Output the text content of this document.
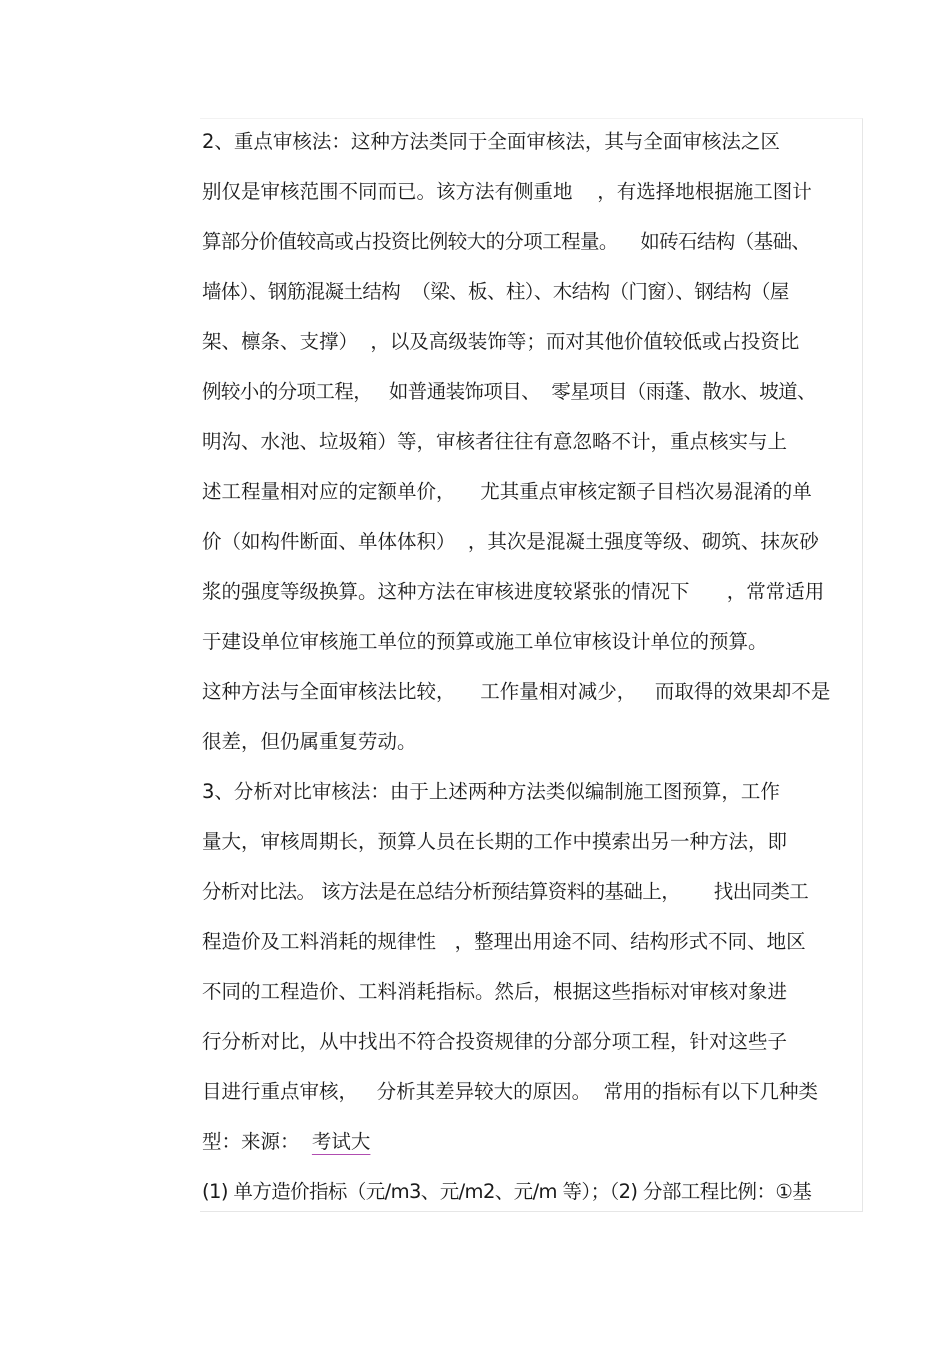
2、重点审核法：这种方法类同于全面审核法，其与全面审核法之区
别仅是审核范围不同而已。该方法有侧重地    ，有选择地根据施工图计
算部分价值较高或占投资比例较大的分项工程量。    如砖石结构（基础、
墙体）、钢筋混凝土结构  （梁、板、柱）、木结构（门窗）、钢结构（屋
架、檩条、支撑）  ，以及高级装饰等；而对其他价值较低或占投资比
例较小的分项工程，   如普通装饰项目、  零星项目（雨蓬、散水、坡道、
明沟、水池、垃圾箱）等，审核者往往有意忽略不计，重点核实与上
述工程量相对应的定额单价，    尤其重点审核定额子目档次易混淆的单
价（如构件断面、单体体积）  ，其次是混凝土强度等级、砌筑、抹灰砂
浆的强度等级换算。这种方法在审核进度较紧张的情况下      ，常常适用
于建设单位审核施工单位的预算或施工单位审核设计单位的预算。
这种方法与全面审核法比较，    工作量相对减少，   而取得的效果却不是
很差，但仍属重复劳动。
3、分析对比审核法：由于上述两种方法类似编制施工图预算，工作
量大，审核周期长，预算人员在长期的工作中摸索出另一种方法，即
分析对比法。 该方法是在总结分析预结算资料的基础上，      找出同类工
程造价及工料消耗的规律性   ，整理出用途不同、结构形式不同、地区
不同的工程造价、工料消耗指标。然后，根据这些指标对审核对象进
行分析对比，从中找出不符合投资规律的分部分项工程，针对这些子
目进行重点审核，   分析其差异较大的原因。  常用的指标有以下几种类
型：来源：  考试大
(1) 单方造价指标（元/m3、元/m2、元/m 等）；（2) 分部工程比例：①基
